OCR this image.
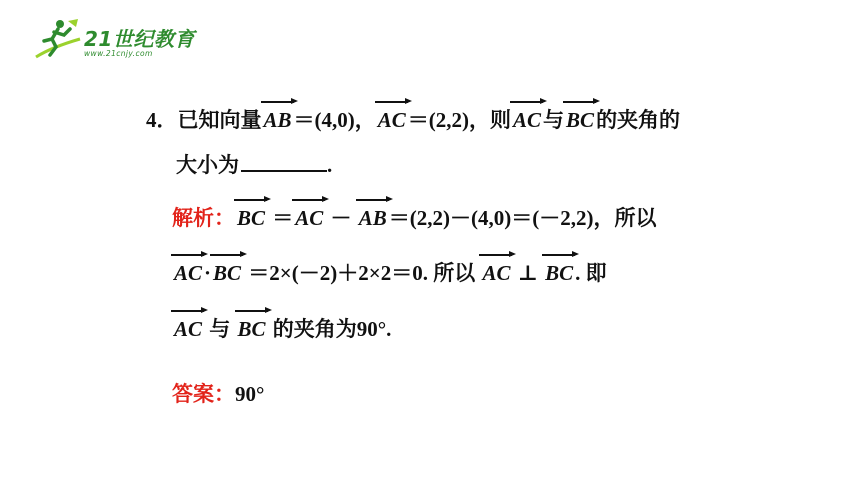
21世纪教育
www.21cnjy.com
4．已知向量
AB＝(4,0)，
AC＝(2,2)，则
AC与
BC的夹角的
大小为	.
解析：
BC ＝
AC － AB＝(2,2)－(4,0)＝(－2,2)，所以
AC·
BC ＝2×(－2)＋2×2＝0. 所以 AC ⊥ BC. 即
AC 与 BC 的夹角为90°.
答案：90°
